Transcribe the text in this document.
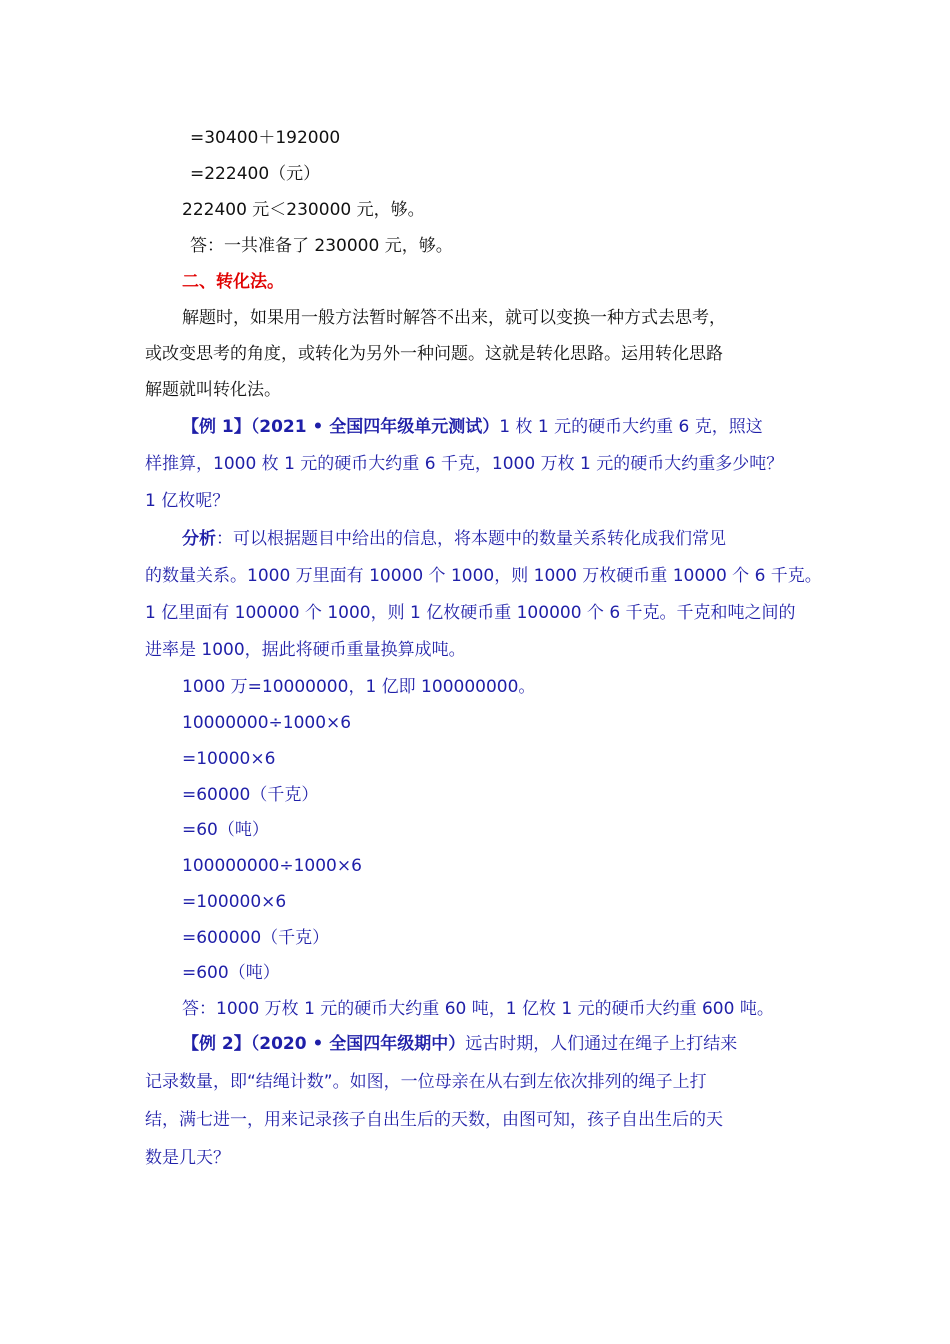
=30400＋192000

=222400（元）

222400 元＜230000 元，够。

答：一共准备了 230000 元，够。

二、转化法。

解题时，如果用一般方法暂时解答不出来，就可以变换一种方式去思考，

或改变思考的角度，或转化为另外一种问题。这就是转化思路。运用转化思路

解题就叫转化法。

【例 1】（2021 • 全国四年级单元测试）1 枚 1 元的硬币大约重 6 克，照这

样推算，1000 枚 1 元的硬币大约重 6 千克，1000 万枚 1 元的硬币大约重多少吨？

1 亿枚呢？

分析：可以根据题目中给出的信息，将本题中的数量关系转化成我们常见

的数量关系。1000 万里面有 10000 个 1000，则 1000 万枚硬币重 10000 个 6 千克。

1 亿里面有 100000 个 1000，则 1 亿枚硬币重 100000 个 6 千克。千克和吨之间的

进率是 1000，据此将硬币重量换算成吨。

1000 万=10000000，1 亿即 100000000。

10000000÷1000×6

=10000×6

=60000（千克）

=60（吨）

100000000÷1000×6

=100000×6

=600000（千克）

=600（吨）

答：1000 万枚 1 元的硬币大约重 60 吨，1 亿枚 1 元的硬币大约重 600 吨。

【例 2】（2020 • 全国四年级期中）远古时期，人们通过在绳子上打结来

记录数量，即“结绳计数”。如图，一位母亲在从右到左依次排列的绳子上打

结，满七进一，用来记录孩子自出生后的天数，由图可知，孩子自出生后的天

数是几天？
